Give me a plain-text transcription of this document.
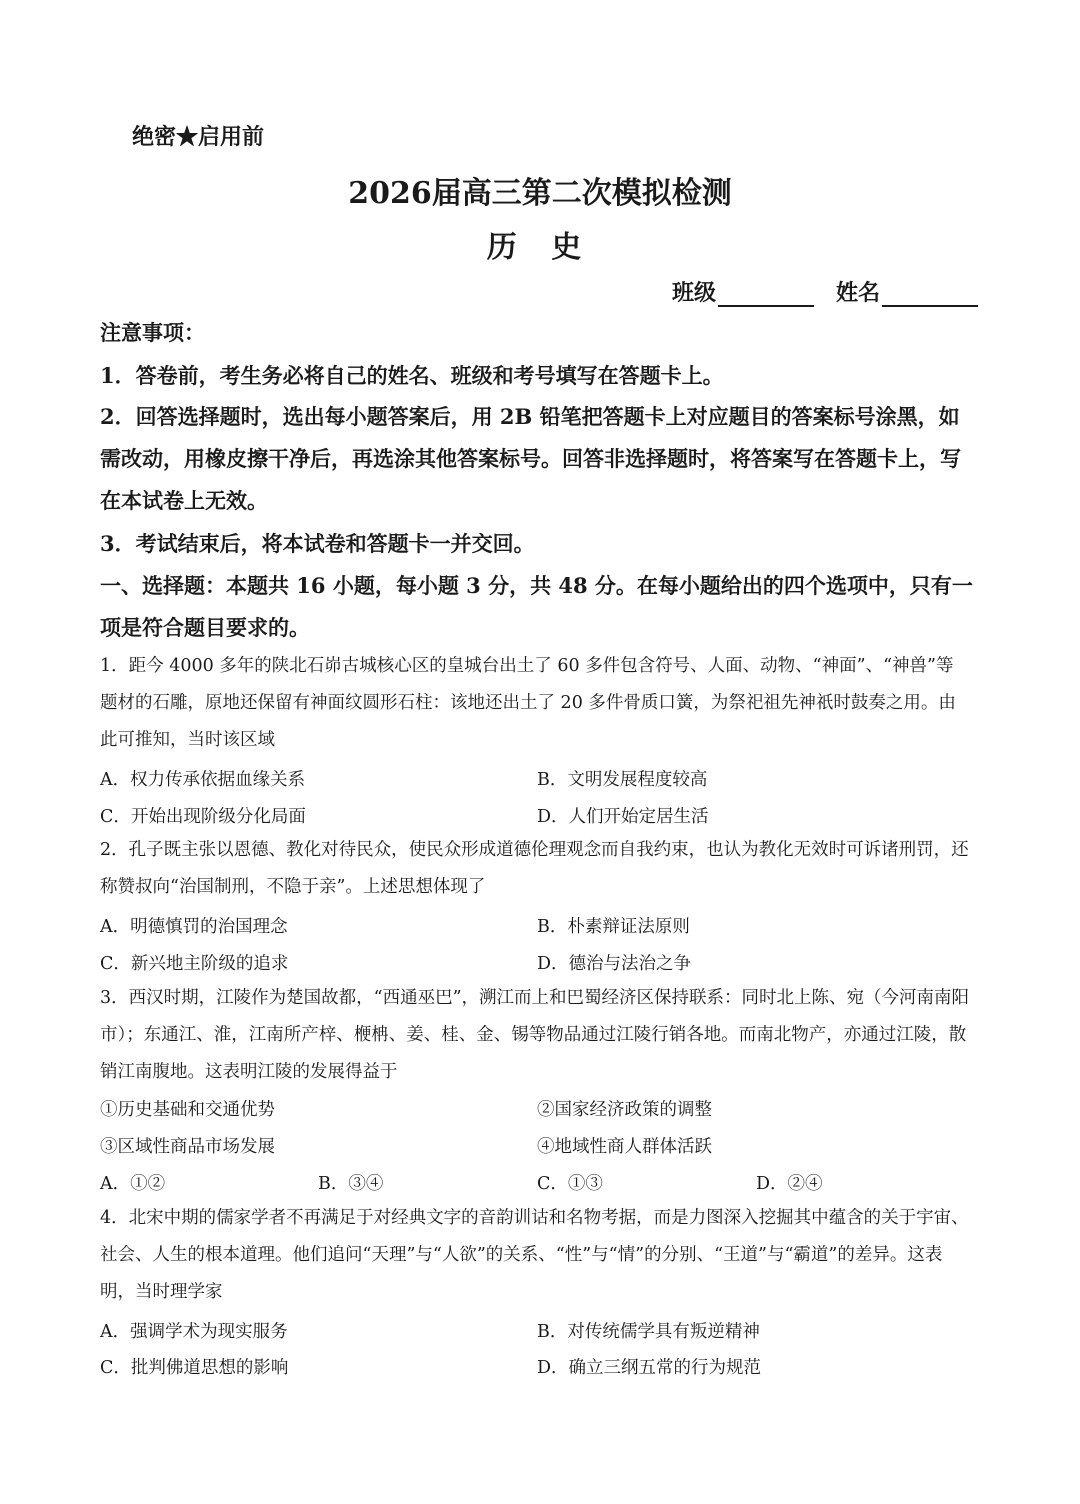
绝密★启用前
2026届高三第二次模拟检测
历 史
班级	姓名
注意事项：
1．答卷前，考生务必将自己的姓名、班级和考号填写在答题卡上。
2．回答选择题时，选出每小题答案后，用 2B 铅笔把答题卡上对应题目的答案标号涂黑，如需改动，用橡皮擦干净后，再选涂其他答案标号。回答非选择题时，将答案写在答题卡上，写在本试卷上无效。
3．考试结束后，将本试卷和答题卡一并交回。
一、选择题：本题共 16 小题，每小题 3 分，共 48 分。在每小题给出的四个选项中，只有一项是符合题目要求的。
1．距今 4000 多年的陕北石峁古城核心区的皇城台出土了 60 多件包含符号、人面、动物、“神面”、“神兽”等题材的石雕，原地还保留有神面纹圆形石柱：该地还出土了 20 多件骨质口簧，为祭祀祖先神祇时鼓奏之用。由此可推知，当时该区域
A．权力传承依据血缘关系	B．文明发展程度较高
C．开始出现阶级分化局面	D．人们开始定居生活
2．孔子既主张以恩德、教化对待民众，使民众形成道德伦理观念而自我约束，也认为教化无效时可诉诸刑罚，还称赞叔向“治国制刑，不隐于亲”。上述思想体现了
A．明德慎罚的治国理念	B．朴素辩证法原则
C．新兴地主阶级的追求	D．德治与法治之争
3．西汉时期，江陵作为楚国故都，“西通巫巴”，溯江而上和巴蜀经济区保持联系：同时北上陈、宛（今河南南阳市）；东通江、淮，江南所产梓、楩柟、姜、桂、金、锡等物品通过江陵行销各地。而南北物产，亦通过江陵，散销江南腹地。这表明江陵的发展得益于
①历史基础和交通优势	②国家经济政策的调整
③区域性商品市场发展	④地域性商人群体活跃
A．①②	B．③④	C．①③	D．②④
4．北宋中期的儒家学者不再满足于对经典文字的音韵训诂和名物考据，而是力图深入挖掘其中蕴含的关于宇宙、社会、人生的根本道理。他们追问“天理”与“人欲”的关系、“性”与“情”的分别、“王道”与“霸道”的差异。这表明，当时理学家
A．强调学术为现实服务	B．对传统儒学具有叛逆精神
C．批判佛道思想的影响	D．确立三纲五常的行为规范
